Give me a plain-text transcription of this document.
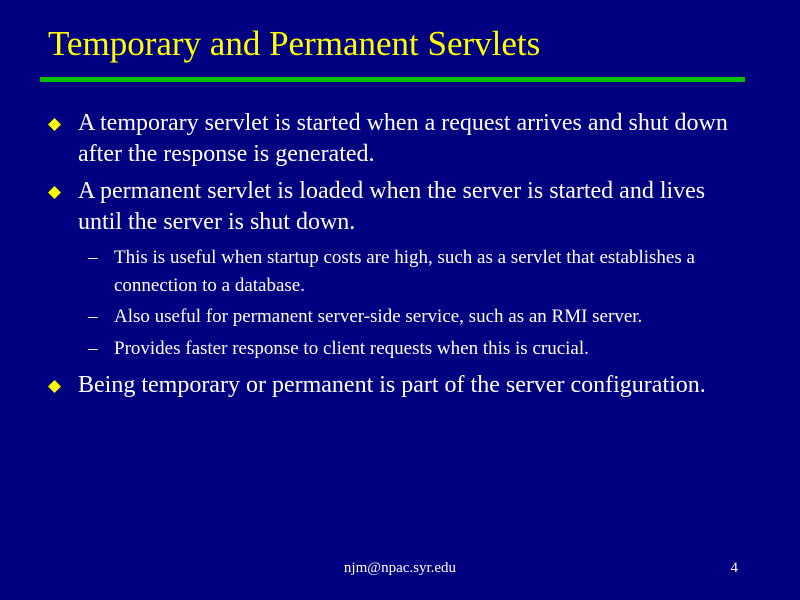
Temporary and Permanent Servlets
A temporary servlet is started when a request arrives and shut down after the response is generated.
A permanent servlet is loaded when the server is started and lives until the server is shut down.
– This is useful when startup costs are high, such as a servlet that establishes a connection to a database.
– Also useful for permanent server-side service, such as an RMI server.
– Provides faster response to client requests when this is crucial.
Being temporary or permanent is part of the server configuration.
njm@npac.syr.edu	4
